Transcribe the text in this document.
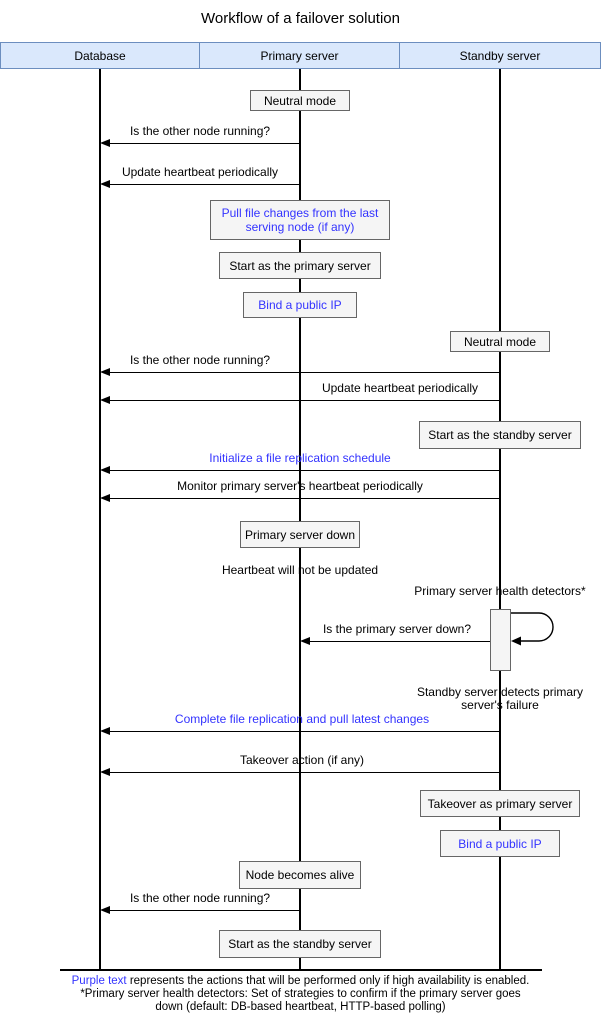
Workflow of a failover solution
Database	Primary server	Standby server
Purple text represents the actions that will be performed only if high availability is enabled.
*Primary server health detectors: Set of strategies to confirm if the primary server goes
down (default: DB-based heartbeat, HTTP-based polling)
Neutral mode
Pull file changes from the last serving node (if any)
Start as the primary server
Bind a public IP
Neutral mode
Start as the standby server
Primary server down
Takeover as primary server
Bind a public IP
Node becomes alive
Start as the standby server
Is the other node running?
Update heartbeat periodically
Is the other node running?
Update heartbeat periodically
Initialize a file replication schedule
Monitor primary server's heartbeat periodically
Is the primary server down?
Complete file replication and pull latest changes
Takeover action (if any)
Is the other node running?
Heartbeat will not be updated
Primary server health detectors*
Standby server detects primary server's failure
